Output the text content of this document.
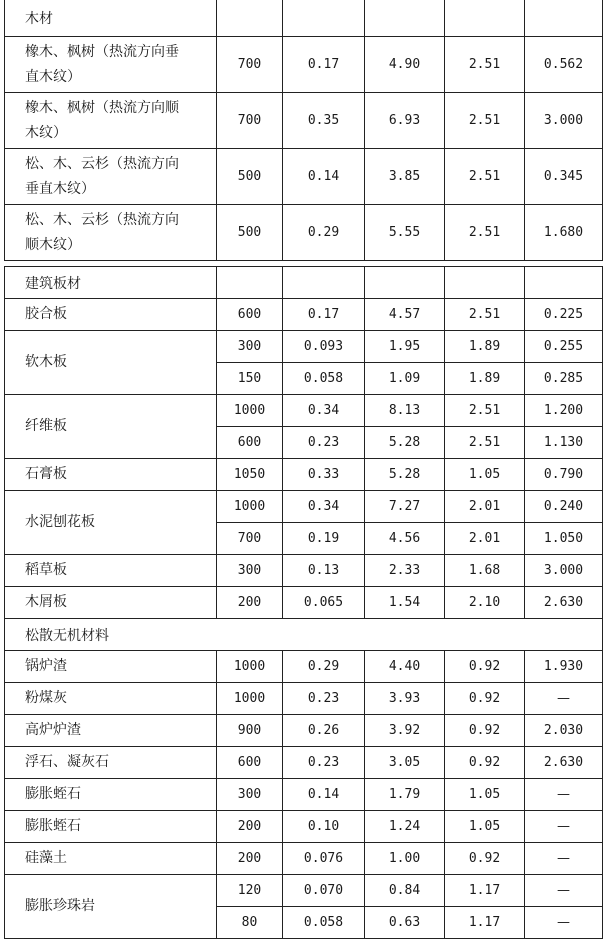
木材					
橡木、枫树（热流方向垂
直木纹）	700	0.17	4.90	2.51	0.562
橡木、枫树（热流方向顺
木纹）	700	0.35	6.93	2.51	3.000
松、木、云杉（热流方向
垂直木纹）	500	0.14	3.85	2.51	0.345
松、木、云杉（热流方向
顺木纹）	500	0.29	5.55	2.51	1.680
建筑板材					
胶合板	600	0.17	4.57	2.51	0.225
软木板	300	0.093	1.95	1.89	0.255
	150	0.058	1.09	1.89	0.285
纤维板	1000	0.34	8.13	2.51	1.200
	600	0.23	5.28	2.51	1.130
石膏板	1050	0.33	5.28	1.05	0.790
水泥刨花板	1000	0.34	7.27	2.01	0.240
	700	0.19	4.56	2.01	1.050
稻草板	300	0.13	2.33	1.68	3.000
木屑板	200	0.065	1.54	2.10	2.630
松散无机材料					
锅炉渣	1000	0.29	4.40	0.92	1.930
粉煤灰	1000	0.23	3.93	0.92	—
高炉炉渣	900	0.26	3.92	0.92	2.030
浮石、凝灰石	600	0.23	3.05	0.92	2.630
膨胀蛭石	300	0.14	1.79	1.05	—
膨胀蛭石	200	0.10	1.24	1.05	—
硅藻土	200	0.076	1.00	0.92	—
膨胀珍珠岩	120	0.070	0.84	1.17	—
	80	0.058	0.63	1.17	—
